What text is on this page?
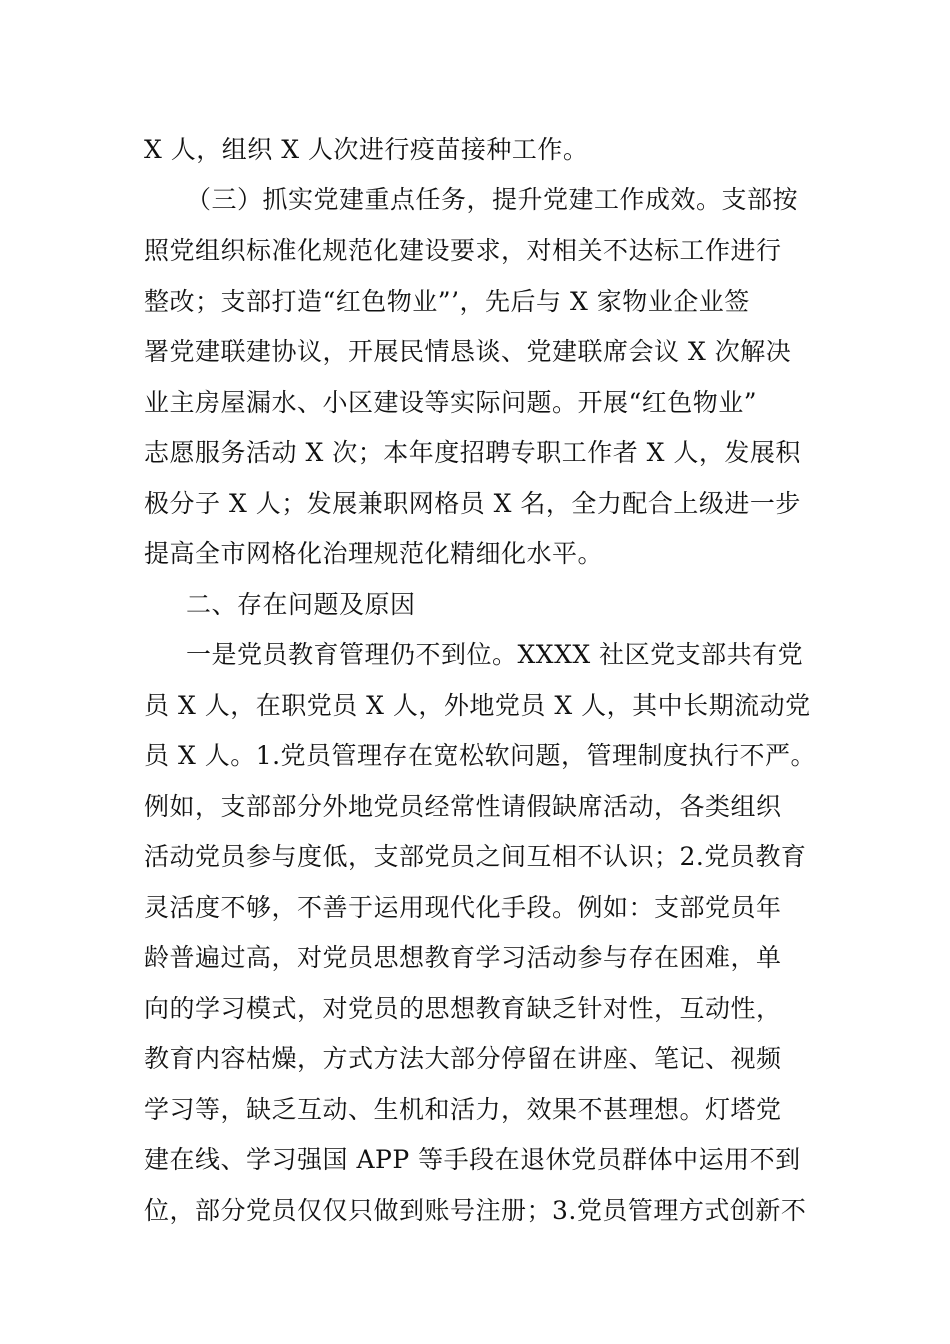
X 人，组织 X 人次进行疫苗接种工作。
（三）抓实党建重点任务，提升党建工作成效。支部按
照党组织标准化规范化建设要求，对相关不达标工作进行
整改；支部打造“红色物业”’，先后与 X 家物业企业签
署党建联建协议，开展民情恳谈、党建联席会议 X 次解决
业主房屋漏水、小区建设等实际问题。开展“红色物业”
志愿服务活动 X 次；本年度招聘专职工作者 X 人，发展积
极分子 X 人；发展兼职网格员 X 名，全力配合上级进一步
提高全市网格化治理规范化精细化水平。
二、存在问题及原因
一是党员教育管理仍不到位。XXXX 社区党支部共有党
员 X 人，在职党员 X 人，外地党员 X 人，其中长期流动党
员 X 人。1.党员管理存在宽松软问题，管理制度执行不严。
例如，支部部分外地党员经常性请假缺席活动，各类组织
活动党员参与度低，支部党员之间互相不认识；2.党员教育
灵活度不够，不善于运用现代化手段。例如：支部党员年
龄普遍过高，对党员思想教育学习活动参与存在困难，单
向的学习模式，对党员的思想教育缺乏针对性，互动性，
教育内容枯燥，方式方法大部分停留在讲座、笔记、视频
学习等，缺乏互动、生机和活力，效果不甚理想。灯塔党
建在线、学习强国 APP 等手段在退休党员群体中运用不到
位，部分党员仅仅只做到账号注册；3.党员管理方式创新不
